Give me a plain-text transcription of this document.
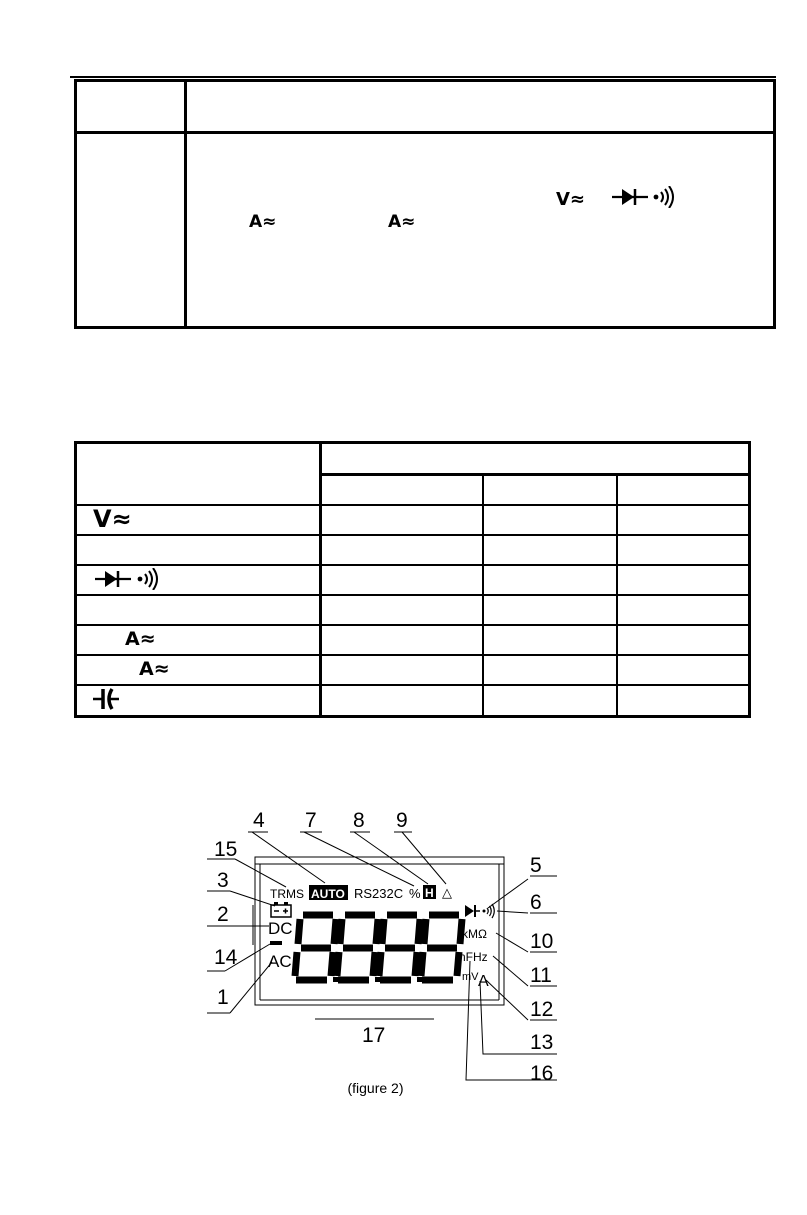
V≈
A≈	A≈
V≈
A≈
A≈
TRMS AUTO RS232C % H △
DC
AC
kMΩ
nFHz
mV A
4 7 8 9
15
3
2
14
1
5
6
10
11
12
13
16
17
(figure 2)
